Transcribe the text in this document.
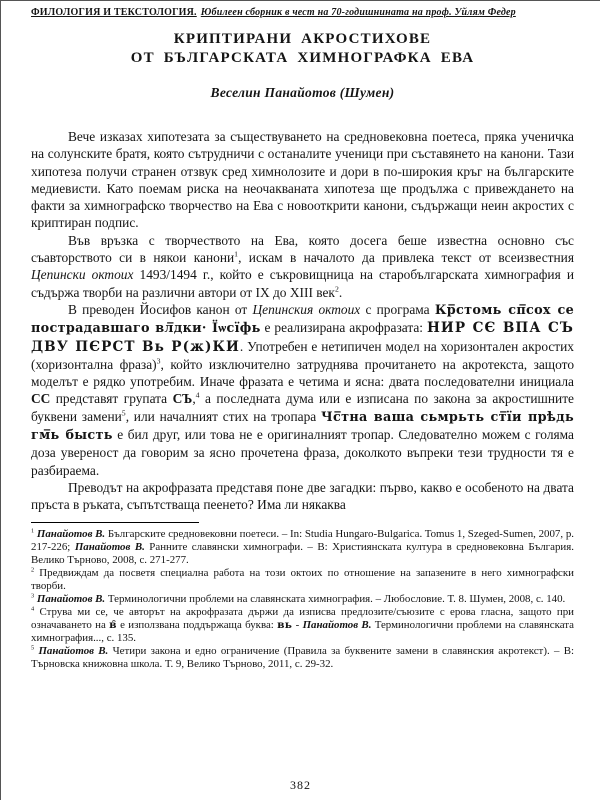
ФИЛОЛОГИЯ И ТЕКСТОЛОГИЯ. Юбилеен сборник в чест на 70-годишнината на проф. Уйлям Федер
КРИПТИРАНИ АКРОСТИХОВЕ
ОТ БЪЛГАРСКАТА ХИМНОГРАФКА ЕВА
Веселин Панайотов (Шумен)

Вече изказах хипотезата за съществуването на средновековна поетеса, пряка ученичка на солунските братя, която сътрудничи с останалите ученици при съставянето на канони. Тази хипотеза получи странен отзвук сред химнолозите и дори в по-широкия кръг на българските медиевисти. Като поемам риска на неочакваната хипотеза ще продължа с привеждането на факти за химнографско творчество на Ева с новооткрити канони, съдържащи неин акростих с криптиран подпис.

Във връзка с творчеството на Ева, която досега беше известна основно със съавторството си в някои канони$^1$, искам в началото да привлека текст от всеизвестния Цепински октоих 1493/1494 г., който е съкровищница на старобългарската химнография и съдържа творби на различни автори от IX до XIII век$^2$.

В преводен Йосифов канон от Цепинския октоих с програма Кр̅стомь сп̅сох се пострадавшаго вл̅дки· Їѡсїфь е реализирана акрофразата: НИР СЄ ВПА СЪ ДВУ ПЄРСТ Вь Р(ж)КИ. Употребен е нетипичен модел на хоризонтален акростих (хоризонтална фраза)$^3$, който изключително затруднява прочитането на акротекста, защото моделът е рядко употребим. Иначе фразата е четима и ясна: двата последователни инициала СС представят групата СЪ,$^4$ а последната дума или е изписана по закона за акростишните буквени замени$^5$, или началният стих на тропара Чс̅тна ваша сьмрьть ст̅їи прѣдь гм̅ь бысть е бил друг, или това не е оригиналният тропар. Следователно можем с голяма доза увереност да говорим за ясно прочетена фраза, доколкото въпреки тези трудности тя е разбираема.

Преводът на акрофразата представя поне две загадки: първо, какво е особеното на двата пръста в ръката, съпътстваща пеенето? Има ли някаква

$^1$ Панайотов В. Българските средновековни поетеси. – In: Studia Hungaro-Bulgarica. Tomus 1, Szeged-Sumen, 2007, p. 217-226; Панайотов В. Ранните славянски химнографи. – В: Християнската култура в средновековна България. Велико Търново, 2008, с. 271-277.

$^2$ Предвиждам да посветя специална работа на този октоих по отношение на запазените в него химнографски творби.

$^3$ Панайотов В. Терминологични проблеми на славянската химнография. – Любословие. Т. 8. Шумен, 2008, с. 140.

$^4$ Струва ми се, че авторът на акрофразата държи да изписва предлозите/съюзите с ерова гласна, защото при означаването на в̑ е използвана поддържаща буква: вь - Панайотов В. Терминологични проблеми на славянската химнография..., с. 135.

$^5$ Панайотов В. Четири закона и едно ограничение (Правила за буквените замени в славянския акротекст). – В: Търновска книжовна школа. Т. 9, Велико Търново, 2011, с. 29-32.

382
